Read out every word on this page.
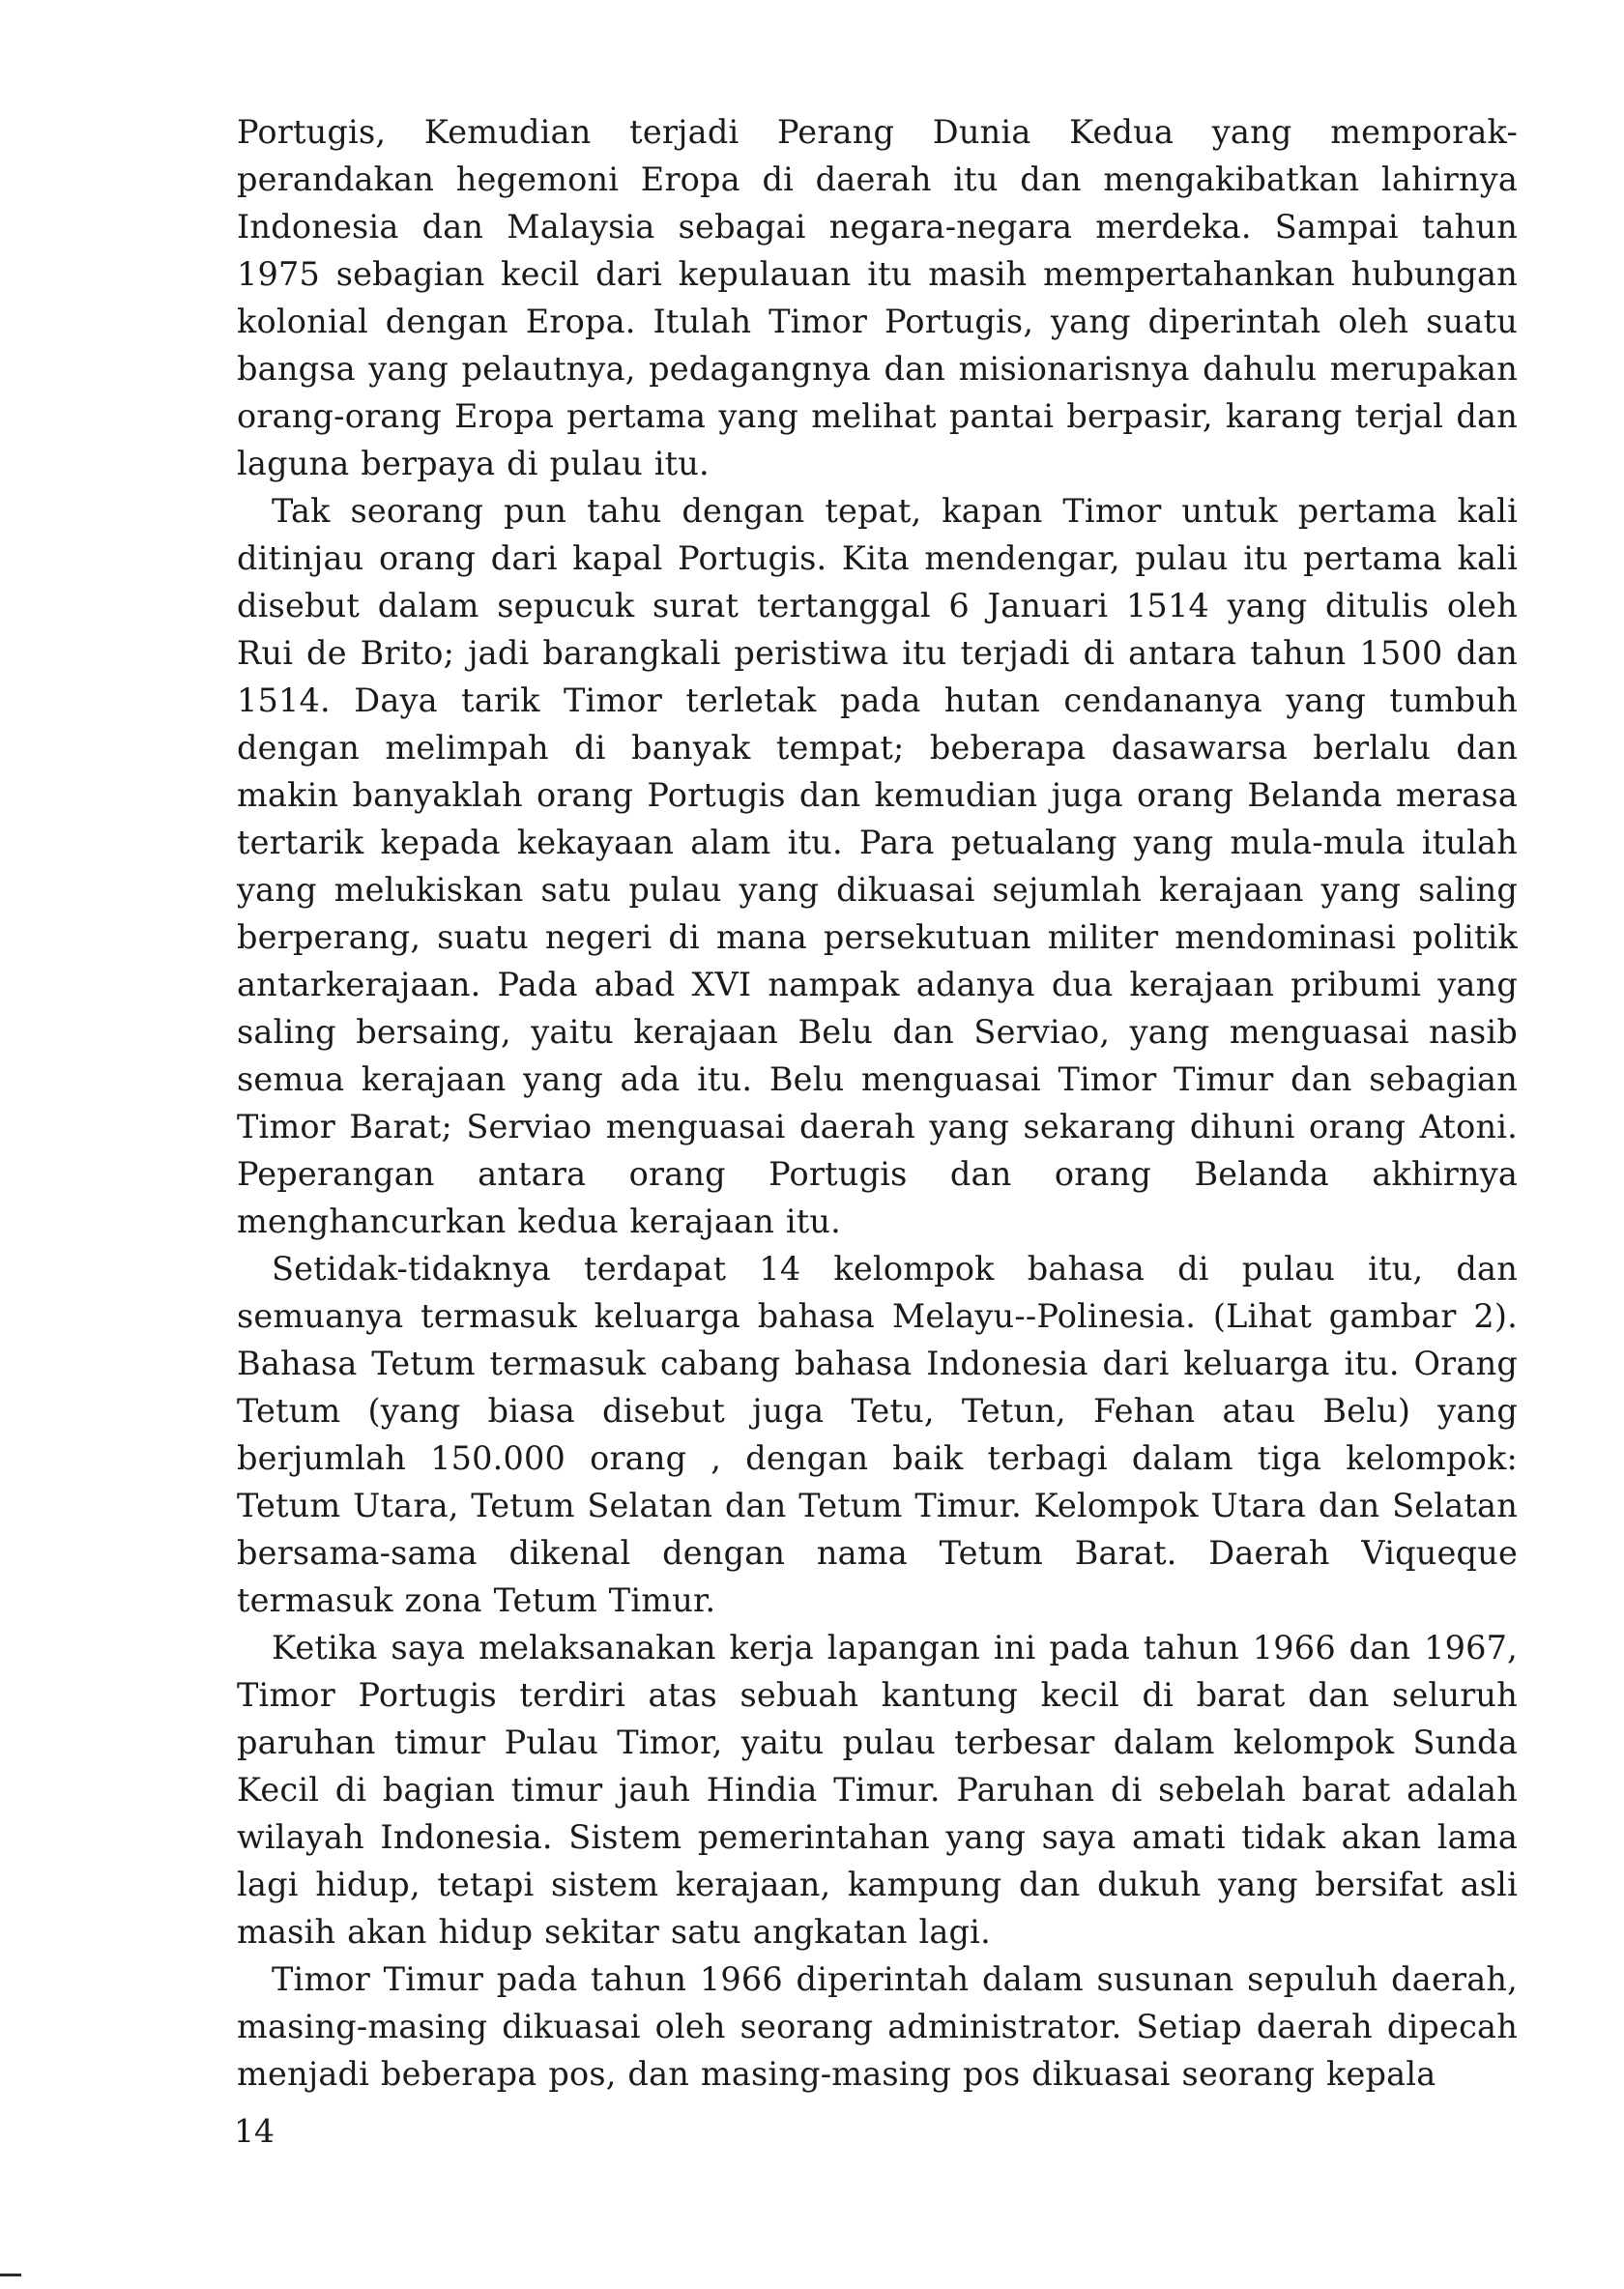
Portugis, Kemudian terjadi Perang Dunia Kedua yang memporak-perandakan hegemoni Eropa di daerah itu dan mengakibatkan lahirnya Indonesia dan Malaysia sebagai negara-negara merdeka. Sampai tahun 1975 sebagian kecil dari kepulauan itu masih mempertahankan hubungan kolonial dengan Eropa. Itulah Timor Portugis, yang diperintah oleh suatu bangsa yang pelautnya, pedagangnya dan misionarisnya dahulu merupakan orang-orang Eropa pertama yang melihat pantai berpasir, karang terjal dan laguna berpaya di pulau itu.

Tak seorang pun tahu dengan tepat, kapan Timor untuk pertama kali ditinjau orang dari kapal Portugis. Kita mendengar, pulau itu pertama kali disebut dalam sepucuk surat tertanggal 6 Januari 1514 yang ditulis oleh Rui de Brito; jadi barangkali peristiwa itu terjadi di antara tahun 1500 dan 1514. Daya tarik Timor terletak pada hutan cendananya yang tumbuh dengan melimpah di banyak tempat; beberapa dasawarsa berlalu dan makin banyaklah orang Portugis dan kemudian juga orang Belanda merasa tertarik kepada kekayaan alam itu. Para petualang yang mula-mula itulah yang melukiskan satu pulau yang dikuasai sejumlah kerajaan yang saling berperang, suatu negeri di mana persekutuan militer mendominasi politik antarkerajaan. Pada abad XVI nampak adanya dua kerajaan pribumi yang saling bersaing, yaitu kerajaan Belu dan Serviao, yang menguasai nasib semua kerajaan yang ada itu. Belu menguasai Timor Timur dan sebagian Timor Barat; Serviao menguasai daerah yang sekarang dihuni orang Atoni. Peperangan antara orang Portugis dan orang Belanda akhirnya menghancurkan kedua kerajaan itu.

Setidak-tidaknya terdapat 14 kelompok bahasa di pulau itu, dan semuanya termasuk keluarga bahasa Melayu--Polinesia. (Lihat gambar 2). Bahasa Tetum termasuk cabang bahasa Indonesia dari keluarga itu. Orang Tetum (yang biasa disebut juga Tetu, Tetun, Fehan atau Belu) yang berjumlah 150.000 orang , dengan baik terbagi dalam tiga kelompok: Tetum Utara, Tetum Selatan dan Tetum Timur. Kelompok Utara dan Selatan bersama-sama dikenal dengan nama Tetum Barat. Daerah Viqueque termasuk zona Tetum Timur.

Ketika saya melaksanakan kerja lapangan ini pada tahun 1966 dan 1967, Timor Portugis terdiri atas sebuah kantung kecil di barat dan seluruh paruhan timur Pulau Timor, yaitu pulau terbesar dalam kelompok Sunda Kecil di bagian timur jauh Hindia Timur. Paruhan di sebelah barat adalah wilayah Indonesia. Sistem pemerintahan yang saya amati tidak akan lama lagi hidup, tetapi sistem kerajaan, kampung dan dukuh yang bersifat asli masih akan hidup sekitar satu angkatan lagi.

Timor Timur pada tahun 1966 diperintah dalam susunan sepuluh daerah, masing-masing dikuasai oleh seorang administrator. Setiap daerah dipecah menjadi beberapa pos, dan masing-masing pos dikuasai seorang kepala

14
